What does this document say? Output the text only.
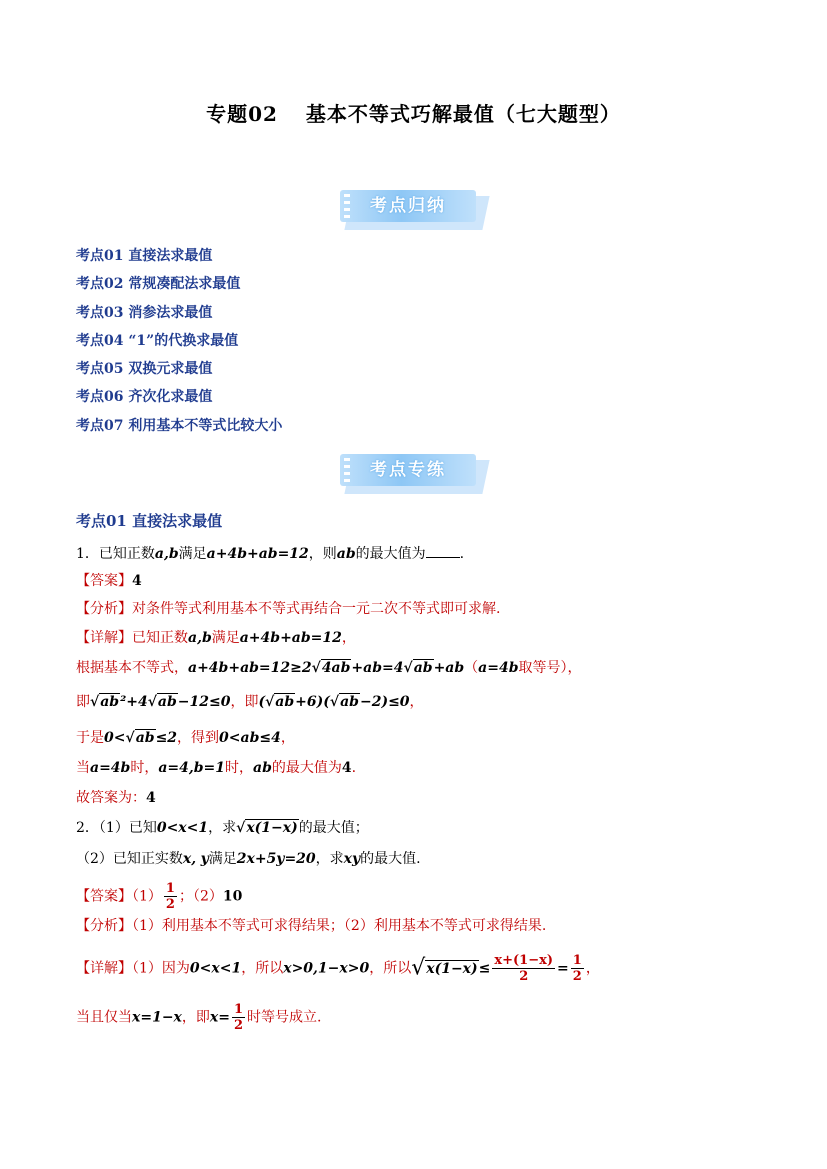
专题02 基本不等式巧解最值（七大题型）
考点归纳
考点01 直接法求最值
考点02 常规凑配法求最值
考点03 消参法求最值
考点04 “1”的代换求最值
考点05 双换元求最值
考点06 齐次化求最值
考点07 利用基本不等式比较大小
考点专练
考点01 直接法求最值
1．已知正数a,b满足a+4b+ab=12，则ab的最大值为 .
【答案】4
【分析】对条件等式利用基本不等式再结合一元二次不等式即可求解.
【详解】已知正数a,b满足a+4b+ab=12，
根据基本不等式，a+4b+ab=12≥2√4ab+ab=4√ab+ab（a=4b取等号），
即√ab²+4√ab−12≤0，即(√ab+6)(√ab−2)≤0，
于是0<√ab≤2，得到0<ab≤4，
当a=4b时，a=4,b=1时，ab的最大值为4.
故答案为：4
2．（1）已知0<x<1，求√x(1−x)的最大值；
（2）已知正实数x, y满足2x+5y=20，求xy的最大值.
【答案】$(1) \frac{1}{2}$ ；（2）10
【分析】（1）利用基本不等式可求得结果；（2）利用基本不等式可求得结果.
【详解】（1）因为0<x<1，所以x>0,1−x>0，所以$√x(1-x)\le \frac{x+(1-x)}{2} = \frac{1}{2}$ ，
当且仅当x=1−x，即$x= \frac{1}{2}$ 时等号成立.
